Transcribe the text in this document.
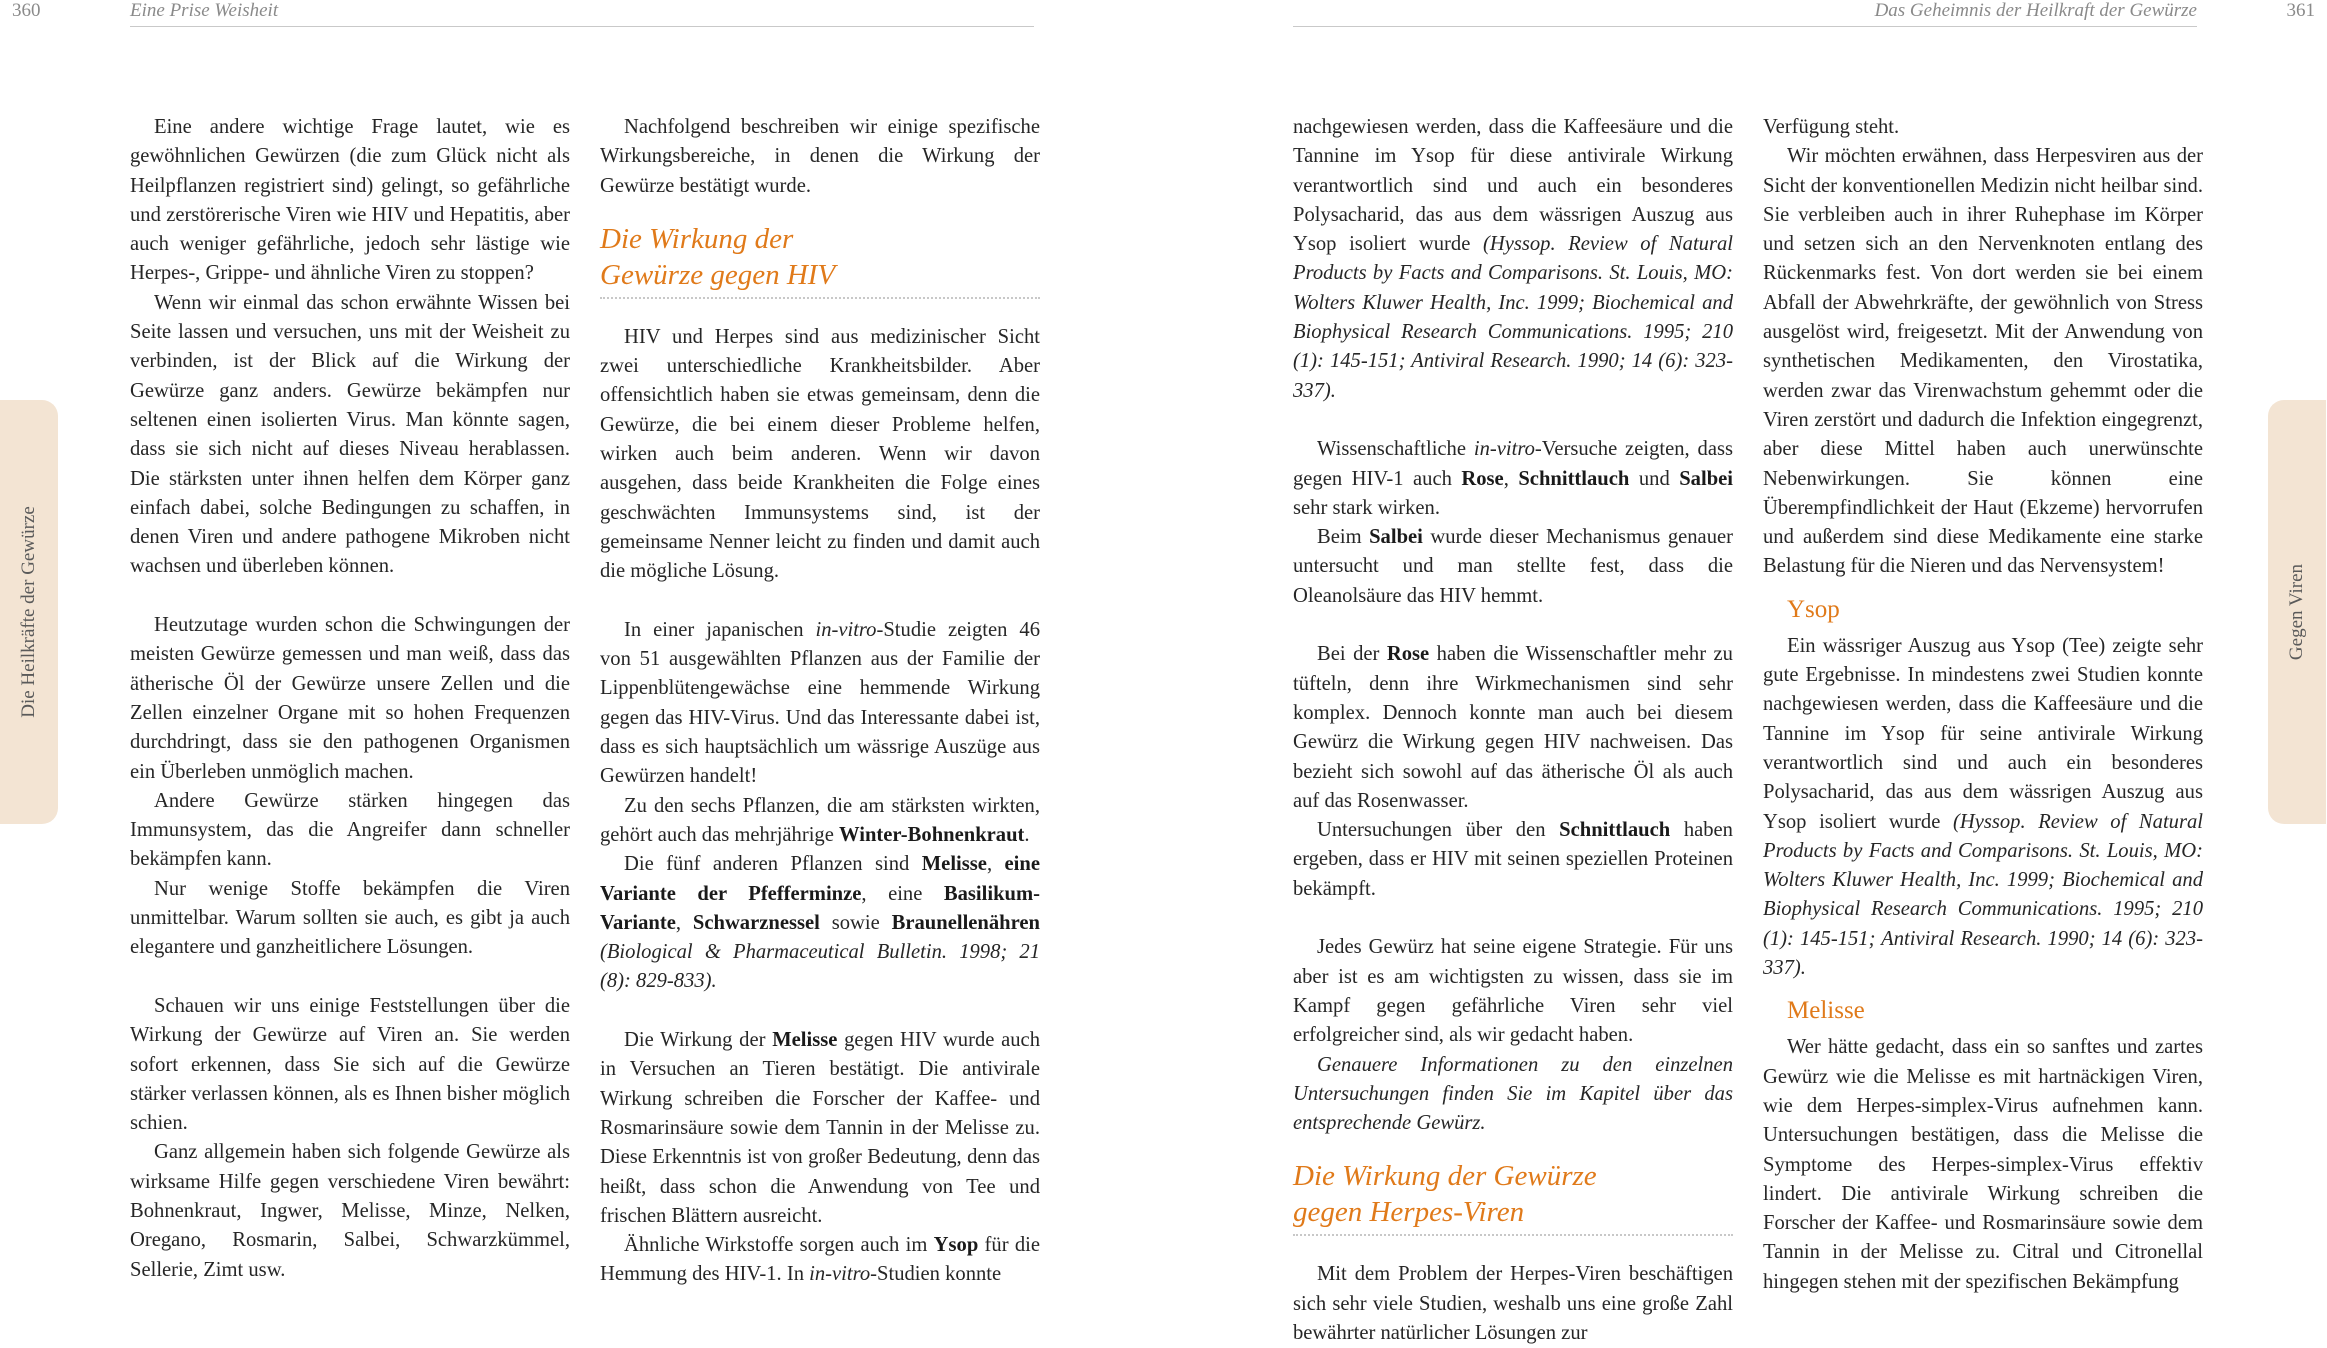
360	Eine Prise Weisheit	Das Geheimnis der Heilkraft der Gewürze	361
Die Heilkräfte der Gewürze	Gegen Viren

Eine andere wichtige Frage lautet, wie es gewöhnlichen Gewürzen (die zum Glück nicht als Heilpflanzen registriert sind) gelingt, so gefährliche und zerstörerische Viren wie HIV und Hepatitis, aber auch weniger gefährliche, jedoch sehr lästige wie Herpes-, Grippe- und ähnliche Viren zu stoppen?

Wenn wir einmal das schon erwähnte Wissen bei Seite lassen und versuchen, uns mit der Weisheit zu verbinden, ist der Blick auf die Wirkung der Gewürze ganz anders. Gewürze bekämpfen nur seltenen einen isolierten Virus. Man könnte sagen, dass sie sich nicht auf dieses Niveau herablassen. Die stärksten unter ihnen helfen dem Körper ganz einfach dabei, solche Bedingungen zu schaffen, in denen Viren und andere pathogene Mikroben nicht wachsen und überleben können.

Heutzutage wurden schon die Schwingungen der meisten Gewürze gemessen und man weiß, dass das ätherische Öl der Gewürze unsere Zellen und die Zellen einzelner Organe mit so hohen Frequenzen durchdringt, dass sie den pathogenen Organismen ein Überleben unmöglich machen.

Andere Gewürze stärken hingegen das Immunsystem, das die Angreifer dann schneller bekämpfen kann.

Nur wenige Stoffe bekämpfen die Viren unmittelbar. Warum sollten sie auch, es gibt ja auch elegantere und ganzheitlichere Lösungen.

Schauen wir uns einige Feststellungen über die Wirkung der Gewürze auf Viren an. Sie werden sofort erkennen, dass Sie sich auf die Gewürze stärker verlassen können, als es Ihnen bisher möglich schien.

Ganz allgemein haben sich folgende Gewürze als wirksame Hilfe gegen verschiedene Viren bewährt: Bohnenkraut, Ingwer, Melisse, Minze, Nelken, Oregano, Rosmarin, Salbei, Schwarzkümmel, Sellerie, Zimt usw.

Nachfolgend beschreiben wir einige spezifische Wirkungsbereiche, in denen die Wirkung der Gewürze bestätigt wurde.

Die Wirkung der
Gewürze gegen HIV

HIV und Herpes sind aus medizinischer Sicht zwei unterschiedliche Krankheitsbilder. Aber offensichtlich haben sie etwas gemeinsam, denn die Gewürze, die bei einem dieser Probleme helfen, wirken auch beim anderen. Wenn wir davon ausgehen, dass beide Krankheiten die Folge eines geschwächten Immunsystems sind, ist der gemeinsame Nenner leicht zu finden und damit auch die mögliche Lösung.

In einer japanischen in-vitro-Studie zeigten 46 von 51 ausgewählten Pflanzen aus der Familie der Lippenblütengewächse eine hemmende Wirkung gegen das HIV-Virus. Und das Interessante dabei ist, dass es sich hauptsächlich um wässrige Auszüge aus Gewürzen handelt!

Zu den sechs Pflanzen, die am stärksten wirkten, gehört auch das mehrjährige Winter-Bohnenkraut.

Die fünf anderen Pflanzen sind Melisse, eine Variante der Pfefferminze, eine Basilikum-Variante, Schwarznessel sowie Braunellenähren (Biological & Pharmaceutical Bulletin. 1998; 21 (8): 829-833).

Die Wirkung der Melisse gegen HIV wurde auch in Versuchen an Tieren bestätigt. Die antivirale Wirkung schreiben die Forscher der Kaffee- und Rosmarinsäure sowie dem Tannin in der Melisse zu. Diese Erkenntnis ist von großer Bedeutung, denn das heißt, dass schon die Anwendung von Tee und frischen Blättern ausreicht.

Ähnliche Wirkstoffe sorgen auch im Ysop für die Hemmung des HIV-1. In in-vitro-Studien konnte

nachgewiesen werden, dass die Kaffeesäure und die Tannine im Ysop für diese antivirale Wirkung verantwortlich sind und auch ein besonderes Polysacharid, das aus dem wässrigen Auszug aus Ysop isoliert wurde (Hyssop. Review of Natural Products by Facts and Comparisons. St. Louis, MO: Wolters Kluwer Health, Inc. 1999; Biochemical and Biophysical Research Communications. 1995; 210 (1): 145-151; Antiviral Research. 1990; 14 (6): 323-337).

Wissenschaftliche in-vitro-Versuche zeigten, dass gegen HIV-1 auch Rose, Schnittlauch und Salbei sehr stark wirken.

Beim Salbei wurde dieser Mechanismus genauer untersucht und man stellte fest, dass die Oleanolsäure das HIV hemmt.

Bei der Rose haben die Wissenschaftler mehr zu tüfteln, denn ihre Wirkmechanismen sind sehr komplex. Dennoch konnte man auch bei diesem Gewürz die Wirkung gegen HIV nachweisen. Das bezieht sich sowohl auf das ätherische Öl als auch auf das Rosenwasser.

Untersuchungen über den Schnittlauch haben ergeben, dass er HIV mit seinen speziellen Proteinen bekämpft.

Jedes Gewürz hat seine eigene Strategie. Für uns aber ist es am wichtigsten zu wissen, dass sie im Kampf gegen gefährliche Viren sehr viel erfolgreicher sind, als wir gedacht haben.

Genauere Informationen zu den einzelnen Untersuchungen finden Sie im Kapitel über das entsprechende Gewürz.

Die Wirkung der Gewürze
gegen Herpes-Viren

Mit dem Problem der Herpes-Viren beschäftigen sich sehr viele Studien, weshalb uns eine große Zahl bewährter natürlicher Lösungen zur

Verfügung steht.

Wir möchten erwähnen, dass Herpesviren aus der Sicht der konventionellen Medizin nicht heilbar sind. Sie verbleiben auch in ihrer Ruhephase im Körper und setzen sich an den Nervenknoten entlang des Rückenmarks fest. Von dort werden sie bei einem Abfall der Abwehrkräfte, der gewöhnlich von Stress ausgelöst wird, freigesetzt. Mit der Anwendung von synthetischen Medikamenten, den Virostatika, werden zwar das Virenwachstum gehemmt oder die Viren zerstört und dadurch die Infektion eingegrenzt, aber diese Mittel haben auch unerwünschte Nebenwirkungen. Sie können eine Überempfindlichkeit der Haut (Ekzeme) hervorrufen und außerdem sind diese Medikamente eine starke Belastung für die Nieren und das Nervensystem!

Ysop

Ein wässriger Auszug aus Ysop (Tee) zeigte sehr gute Ergebnisse. In mindestens zwei Studien konnte nachgewiesen werden, dass die Kaffeesäure und die Tannine im Ysop für seine antivirale Wirkung verantwortlich sind und auch ein besonderes Polysacharid, das aus dem wässrigen Auszug aus Ysop isoliert wurde (Hyssop. Review of Natural Products by Facts and Comparisons. St. Louis, MO: Wolters Kluwer Health, Inc. 1999; Biochemical and Biophysical Research Communications. 1995; 210 (1): 145-151; Antiviral Research. 1990; 14 (6): 323-337).

Melisse

Wer hätte gedacht, dass ein so sanftes und zartes Gewürz wie die Melisse es mit hartnäckigen Viren, wie dem Herpes-simplex-Virus aufnehmen kann. Untersuchungen bestätigen, dass die Melisse die Symptome des Herpes-simplex-Virus effektiv lindert. Die antivirale Wirkung schreiben die Forscher der Kaffee- und Rosmarinsäure sowie dem Tannin in der Melisse zu. Citral und Citronellal hingegen stehen mit der spezifischen Bekämpfung
